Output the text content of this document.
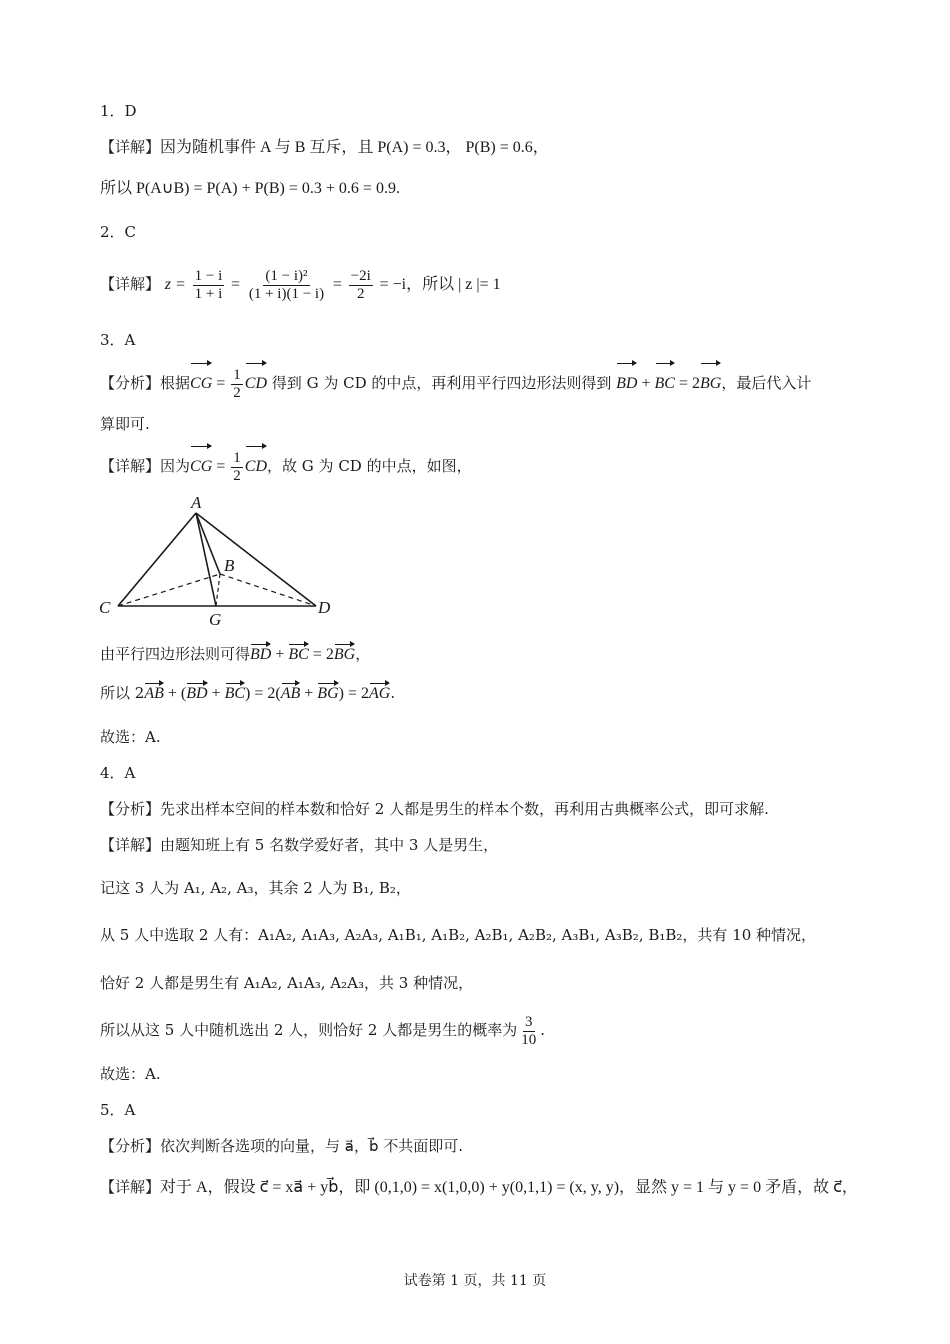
1．D
【详解】因为随机事件 A 与 B 互斥，且 P(A) = 0.3， P(B) = 0.6，
所以 P(A∪B) = P(A) + P(B) = 0.3 + 0.6 = 0.9.
2．C
【详解】 $z = \frac{1 - i}{1 + i} = \frac{\text{(1 − i)²}}{(1 + i)(1 - i)} = \frac{-2i}{2} = -i$，所以 | z |= 1
3．A
【分析】根据CG = $\frac{1}{2}$ CD 得到 G 为 CD 的中点，再利用平行四边形法则得到 BD + BC = 2BG，最后代入计
算即可.
【详解】因为CG = $\frac{1}{2}$ CD，故 G 为 CD 的中点，如图，
A
B
C	D
G
由平行四边形法则可得BD + BC = 2BG，
所以 2AB + (BD + BC) = 2(AB + BG) = 2AG.
故选：A.
4．A
【分析】先求出样本空间的样本数和恰好 2 人都是男生的样本个数，再利用古典概率公式，即可求解.
【详解】由题知班上有 5 名数学爱好者，其中 3 人是男生，
记这 3 人为 A₁, A₂, A₃，其余 2 人为 B₁, B₂，
从 5 人中选取 2 人有：A₁A₂, A₁A₃, A₂A₃, A₁B₁, A₁B₂, A₂B₁, A₂B₂, A₃B₁, A₃B₂, B₁B₂，共有 10 种情况，
恰好 2 人都是男生有 A₁A₂, A₁A₃, A₂A₃，共 3 种情况，
所以从这 5 人中随机选出 2 人，则恰好 2 人都是男生的概率为 $\frac{3}{10}$ .
故选：A.
5．A
【分析】依次判断各选项的向量，与 a⃗，b⃗ 不共面即可.
【详解】对于 A，假设 c⃗ = xa⃗ + yb⃗，即 (0,1,0) = x(1,0,0) + y(0,1,1) = (x, y, y)，显然 y = 1 与 y = 0 矛盾，故 c⃗，
试卷第 1 页，共 11 页
